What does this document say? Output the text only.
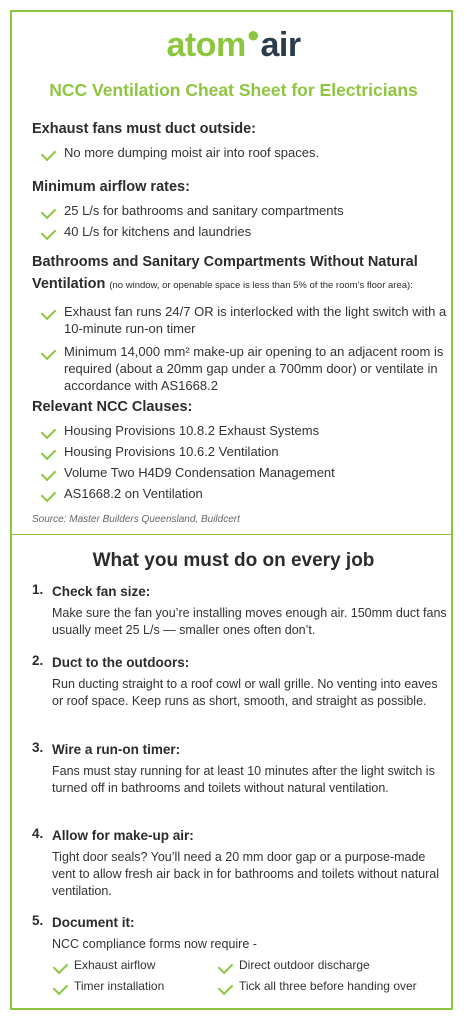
atom●air
NCC Ventilation Cheat Sheet for Electricians
Exhaust fans must duct outside:
No more dumping moist air into roof spaces.
Minimum airflow rates:
25 L/s for bathrooms and sanitary compartments
40 L/s for kitchens and laundries
Bathrooms and Sanitary Compartments Without Natural Ventilation (no window, or openable space is less than 5% of the room’s floor area):
Exhaust fan runs 24/7 OR is interlocked with the light switch with a 10-minute run-on timer
Minimum 14,000 mm² make-up air opening to an adjacent room is required (about a 20mm gap under a 700mm door) or ventilate in accordance with AS1668.2
Relevant NCC Clauses:
Housing Provisions 10.8.2 Exhaust Systems
Housing Provisions 10.6.2 Ventilation
Volume Two H4D9 Condensation Management
AS1668.2 on Ventilation
Source: Master Builders Queensland, Buildcert
What you must do on every job
1. Check fan size:
Make sure the fan you’re installing moves enough air. 150mm duct fans usually meet 25 L/s — smaller ones often don’t.
2. Duct to the outdoors:
Run ducting straight to a roof cowl or wall grille. No venting into eaves or roof space. Keep runs as short, smooth, and straight as possible.
3. Wire a run-on timer:
Fans must stay running for at least 10 minutes after the light switch is turned off in bathrooms and toilets without natural ventilation.
4. Allow for make-up air:
Tight door seals? You’ll need a 20 mm door gap or a purpose-made vent to allow fresh air back in for bathrooms and toilets without natural ventilation.
5. Document it:
NCC compliance forms now require -
Exhaust airflow	Direct outdoor discharge
Timer installation	Tick all three before handing over
